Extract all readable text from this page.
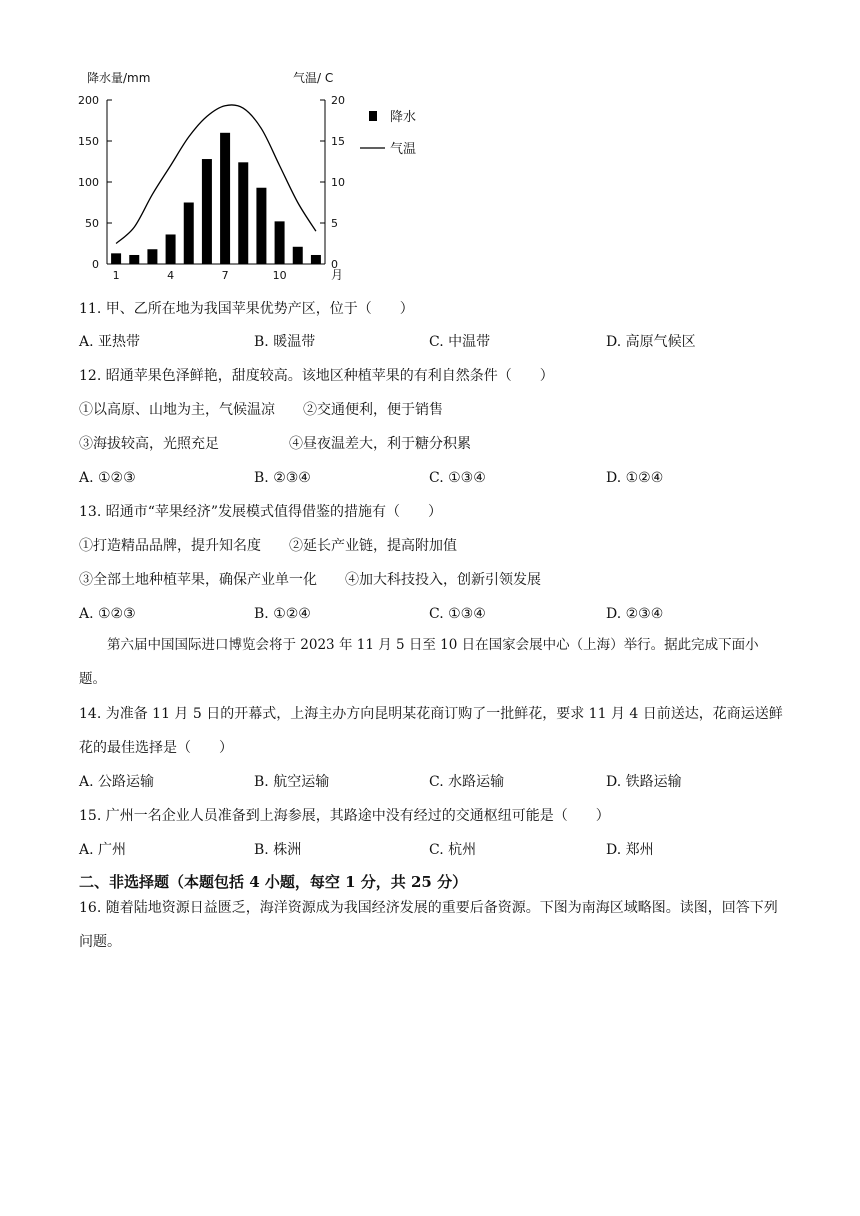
0
50
100
150
200
0
5
10
15
20
1	4	7	10	月
降水量/mm	气温/ C
降水
气温
11. 甲、乙所在地为我国苹果优势产区，位于（　　）
A. 亚热带	B. 暖温带	C. 中温带	D. 高原气候区
12. 昭通苹果色泽鲜艳，甜度较高。该地区种植苹果的有利自然条件（　　）
①以高原、山地为主，气候温凉　　②交通便利，便于销售
③海拔较高，光照充足　　　　　④昼夜温差大，利于糖分积累
A. ①②③	B. ②③④	C. ①③④	D. ①②④
13. 昭通市“苹果经济”发展模式值得借鉴的措施有（　　）
①打造精品品牌，提升知名度　　②延长产业链，提高附加值
③全部土地种植苹果，确保产业单一化　　④加大科技投入，创新引领发展
A. ①②③	B. ①②④	C. ①③④	D. ②③④
第六届中国国际进口博览会将于 2023 年 11 月 5 日至 10 日在国家会展中心（上海）举行。据此完成下面小题。
14. 为准备 11 月 5 日的开幕式，上海主办方向昆明某花商订购了一批鲜花，要求 11 月 4 日前送达，花商运送鲜花的最佳选择是（　　）
A. 公路运输	B. 航空运输	C. 水路运输	D. 铁路运输
15. 广州一名企业人员准备到上海参展，其路途中没有经过的交通枢纽可能是（　　）
A. 广州	B. 株洲	C. 杭州	D. 郑州
二、非选择题（本题包括 4 小题，每空 1 分，共 25 分）
16. 随着陆地资源日益匮乏，海洋资源成为我国经济发展的重要后备资源。下图为南海区域略图。读图，回答下列问题。
